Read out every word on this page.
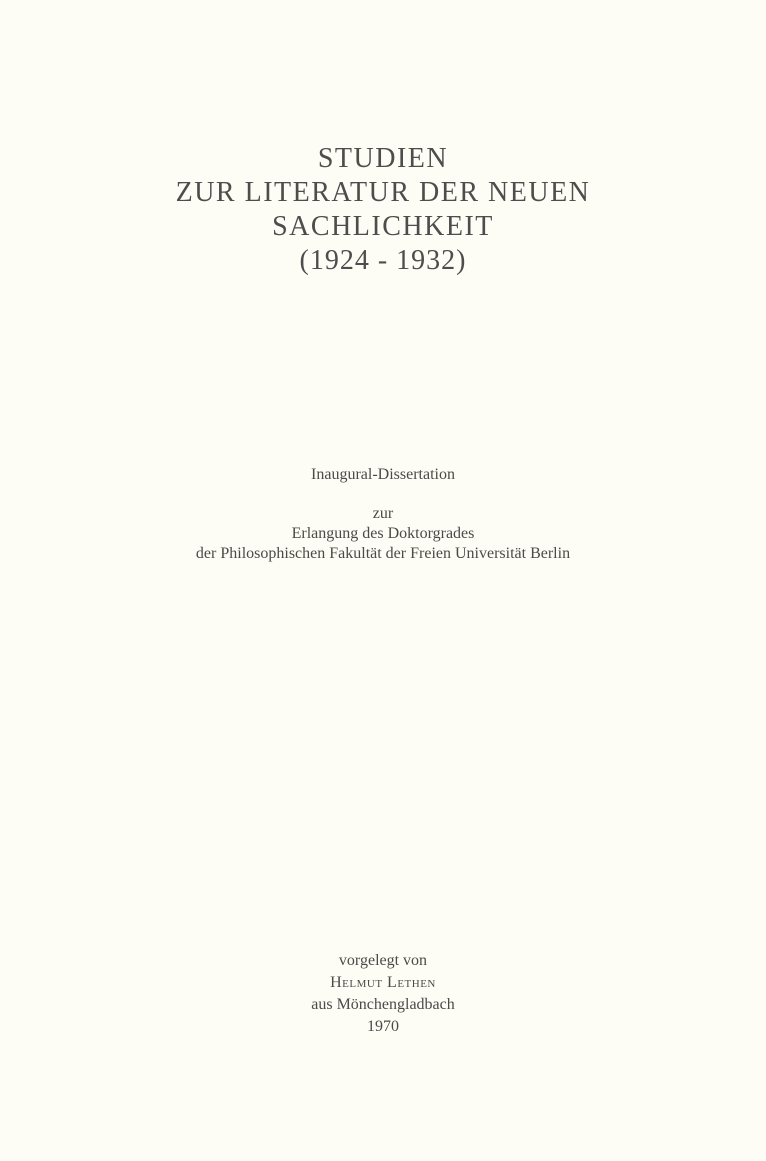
STUDIEN
ZUR LITERATUR DER NEUEN
SACHLICHKEIT
(1924 - 1932)
Inaugural-Dissertation
zur
Erlangung des Doktorgrades
der Philosophischen Fakultät der Freien Universität Berlin
vorgelegt von
Helmut Lethen
aus Mönchengladbach
1970
